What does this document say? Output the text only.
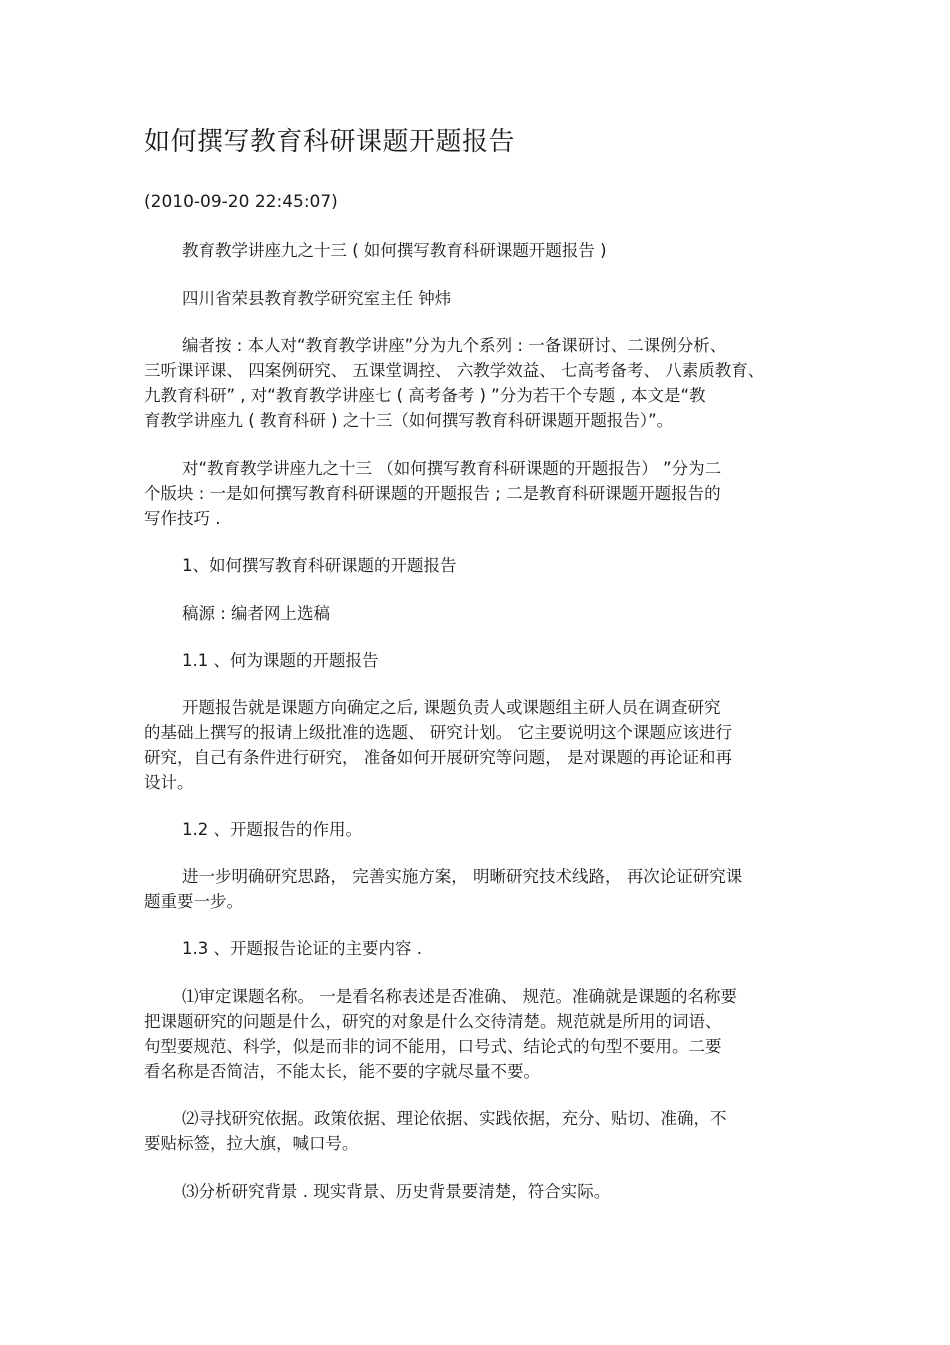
如何撰写教育科研课题开题报告
(2010-09-20 22:45:07)
教育教学讲座九之十三 ( 如何撰写教育科研课题开题报告 )
四川省荣县教育教学研究室主任 钟炜
编者按 : 本人对“教育教学讲座”分为九个系列 : 一备课研讨、二课例分析、
三听课评课、 四案例研究、 五课堂调控、 六教学效益、 七高考备考、 八素质教育、
九教育科研” , 对“教育教学讲座七 ( 高考备考 ) ”分为若干个专题 , 本文是“教
育教学讲座九 ( 教育科研 ) 之十三（如何撰写教育科研课题开题报告）”。
对“教育教学讲座九之十三 （如何撰写教育科研课题的开题报告） ”分为二
个版块 : 一是如何撰写教育科研课题的开题报告 ; 二是教育科研课题开题报告的
写作技巧 .
1、如何撰写教育科研课题的开题报告
稿源 : 编者网上选稿
1.1 、何为课题的开题报告
开题报告就是课题方向确定之后, 课题负责人或课题组主研人员在调查研究
的基础上撰写的报请上级批准的选题、 研究计划。 它主要说明这个课题应该进行
研究，自己有条件进行研究， 准备如何开展研究等问题， 是对课题的再论证和再
设计。
1.2 、开题报告的作用。
进一步明确研究思路， 完善实施方案， 明晰研究技术线路， 再次论证研究课
题重要一步。
1.3 、开题报告论证的主要内容 .
⑴审定课题名称。 一是看名称表述是否准确、 规范。准确就是课题的名称要
把课题研究的问题是什么，研究的对象是什么交待清楚。规范就是所用的词语、
句型要规范、科学，似是而非的词不能用，口号式、结论式的句型不要用。二要
看名称是否简洁，不能太长，能不要的字就尽量不要。
⑵寻找研究依据。政策依据、理论依据、实践依据，充分、贴切、准确，不
要贴标签，拉大旗，喊口号。
⑶分析研究背景 . 现实背景、历史背景要清楚，符合实际。
